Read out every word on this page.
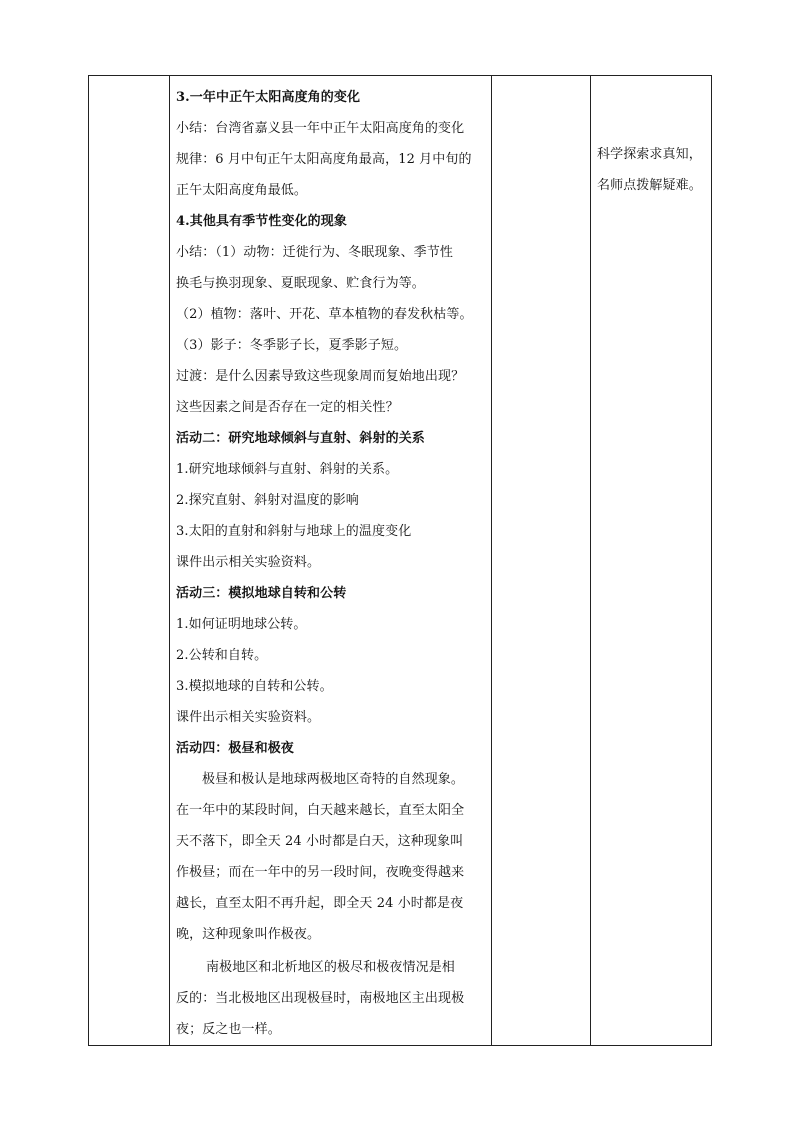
3.一年中正午太阳高度角的变化
小结：台湾省嘉义县一年中正午太阳高度角的变化
规律：6 月中旬正午太阳高度角最高，12 月中旬的
正午太阳高度角最低。
4.其他具有季节性变化的现象
小结：（1）动物：迁徙行为、冬眠现象、季节性
换毛与换羽现象、夏眠现象、贮食行为等。
（2）植物：落叶、开花、草本植物的春发秋枯等。
（3）影子：冬季影子长，夏季影子短。
过渡：是什么因素导致这些现象周而复始地出现？
这些因素之间是否存在一定的相关性？
活动二：研究地球倾斜与直射、斜射的关系
1.研究地球倾斜与直射、斜射的关系。
2.探究直射、斜射对温度的影响
3.太阳的直射和斜射与地球上的温度变化
课件出示相关实验资料。
活动三：模拟地球自转和公转
1.如何证明地球公转。
2.公转和自转。
3.模拟地球的自转和公转。
课件出示相关实验资料。
活动四：极昼和极夜
极昼和极认是地球两极地区奇特的自然现象。
在一年中的某段时间，白天越来越长，直至太阳全
天不落下，即全天 24 小时都是白天，这种现象叫
作极昼；而在一年中的另一段时间，夜晚变得越来
越长，直至太阳不再升起，即全天 24 小时都是夜
晚，这种现象叫作极夜。
南极地区和北析地区的极尽和极夜情况是相
反的：当北极地区出现极昼时，南极地区主出现极
夜；反之也一样。

科学探索求真知，
名师点拨解疑难。
